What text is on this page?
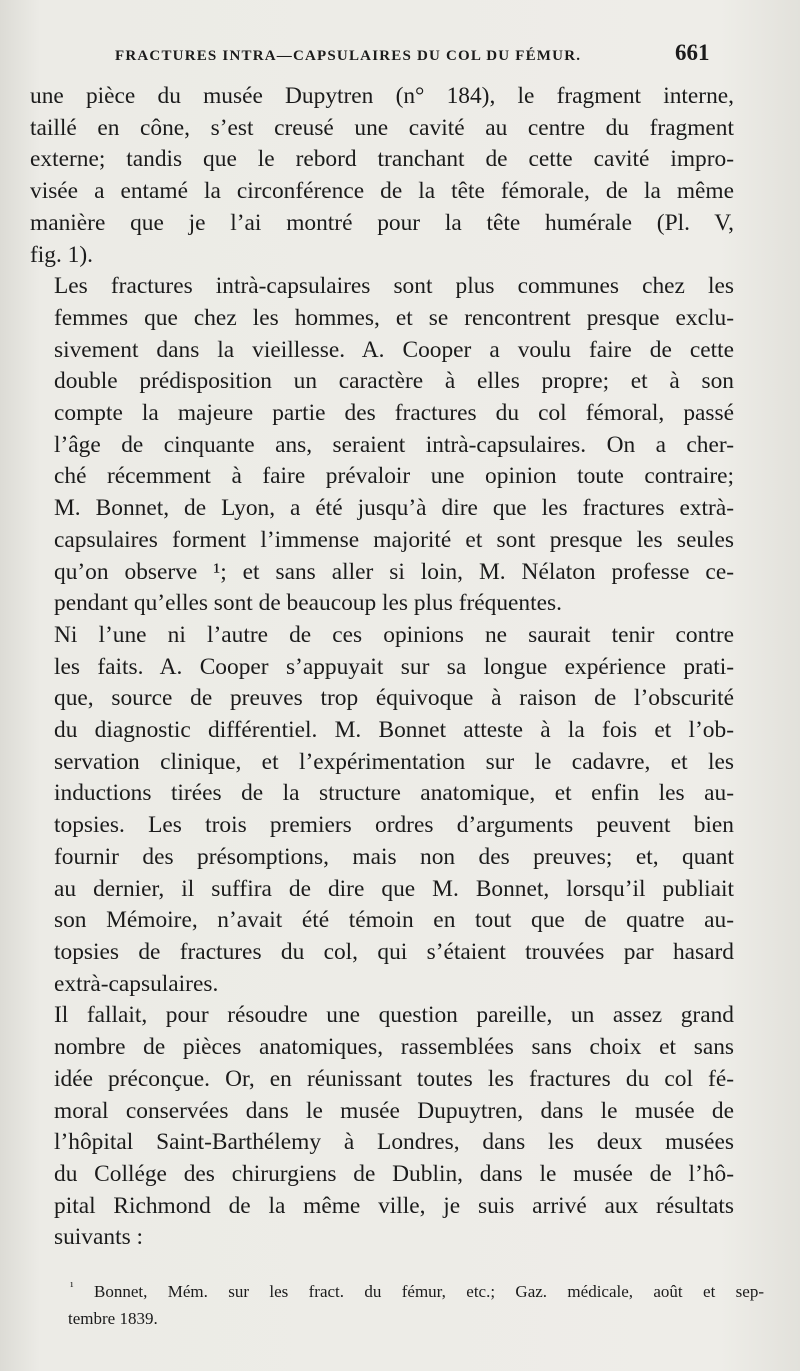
FRACTURES INTRA—CAPSULAIRES DU COL DU FÉMUR.	661

une pièce du musée Dupytren (n° 184), le fragment interne,
taillé en cône, s’est creusé une cavité au centre du fragment
externe; tandis que le rebord tranchant de cette cavité impro-
visée a entamé la circonférence de la tête fémorale, de la même
manière que je l’ai montré pour la tête humérale (Pl. V,
fig. 1).

Les fractures intrà-capsulaires sont plus communes chez les
femmes que chez les hommes, et se rencontrent presque exclu-
sivement dans la vieillesse. A. Cooper a voulu faire de cette
double prédisposition un caractère à elles propre; et à son
compte la majeure partie des fractures du col fémoral, passé
l’âge de cinquante ans, seraient intrà-capsulaires. On a cher-
ché récemment à faire prévaloir une opinion toute contraire;
M. Bonnet, de Lyon, a été jusqu’à dire que les fractures extrà-
capsulaires forment l’immense majorité et sont presque les seules
qu’on observe ¹; et sans aller si loin, M. Nélaton professe ce-
pendant qu’elles sont de beaucoup les plus fréquentes.

Ni l’une ni l’autre de ces opinions ne saurait tenir contre
les faits. A. Cooper s’appuyait sur sa longue expérience prati-
que, source de preuves trop équivoque à raison de l’obscurité
du diagnostic différentiel. M. Bonnet atteste à la fois et l’ob-
servation clinique, et l’expérimentation sur le cadavre, et les
inductions tirées de la structure anatomique, et enfin les au-
topsies. Les trois premiers ordres d’arguments peuvent bien
fournir des présomptions, mais non des preuves; et, quant
au dernier, il suffira de dire que M. Bonnet, lorsqu’il publiait
son Mémoire, n’avait été témoin en tout que de quatre au-
topsies de fractures du col, qui s’étaient trouvées par hasard
extrà-capsulaires.

Il fallait, pour résoudre une question pareille, un assez grand
nombre de pièces anatomiques, rassemblées sans choix et sans
idée préconçue. Or, en réunissant toutes les fractures du col fé-
moral conservées dans le musée Dupuytren, dans le musée de
l’hôpital Saint-Barthélemy à Londres, dans les deux musées
du Collége des chirurgiens de Dublin, dans le musée de l’hô-
pital Richmond de la même ville, je suis arrivé aux résultats
suivants :

$^{^1}$ Bonnet, Mém. sur les fract. du fémur, etc.; Gaz. médicale, août et sep-
tembre 1839.
